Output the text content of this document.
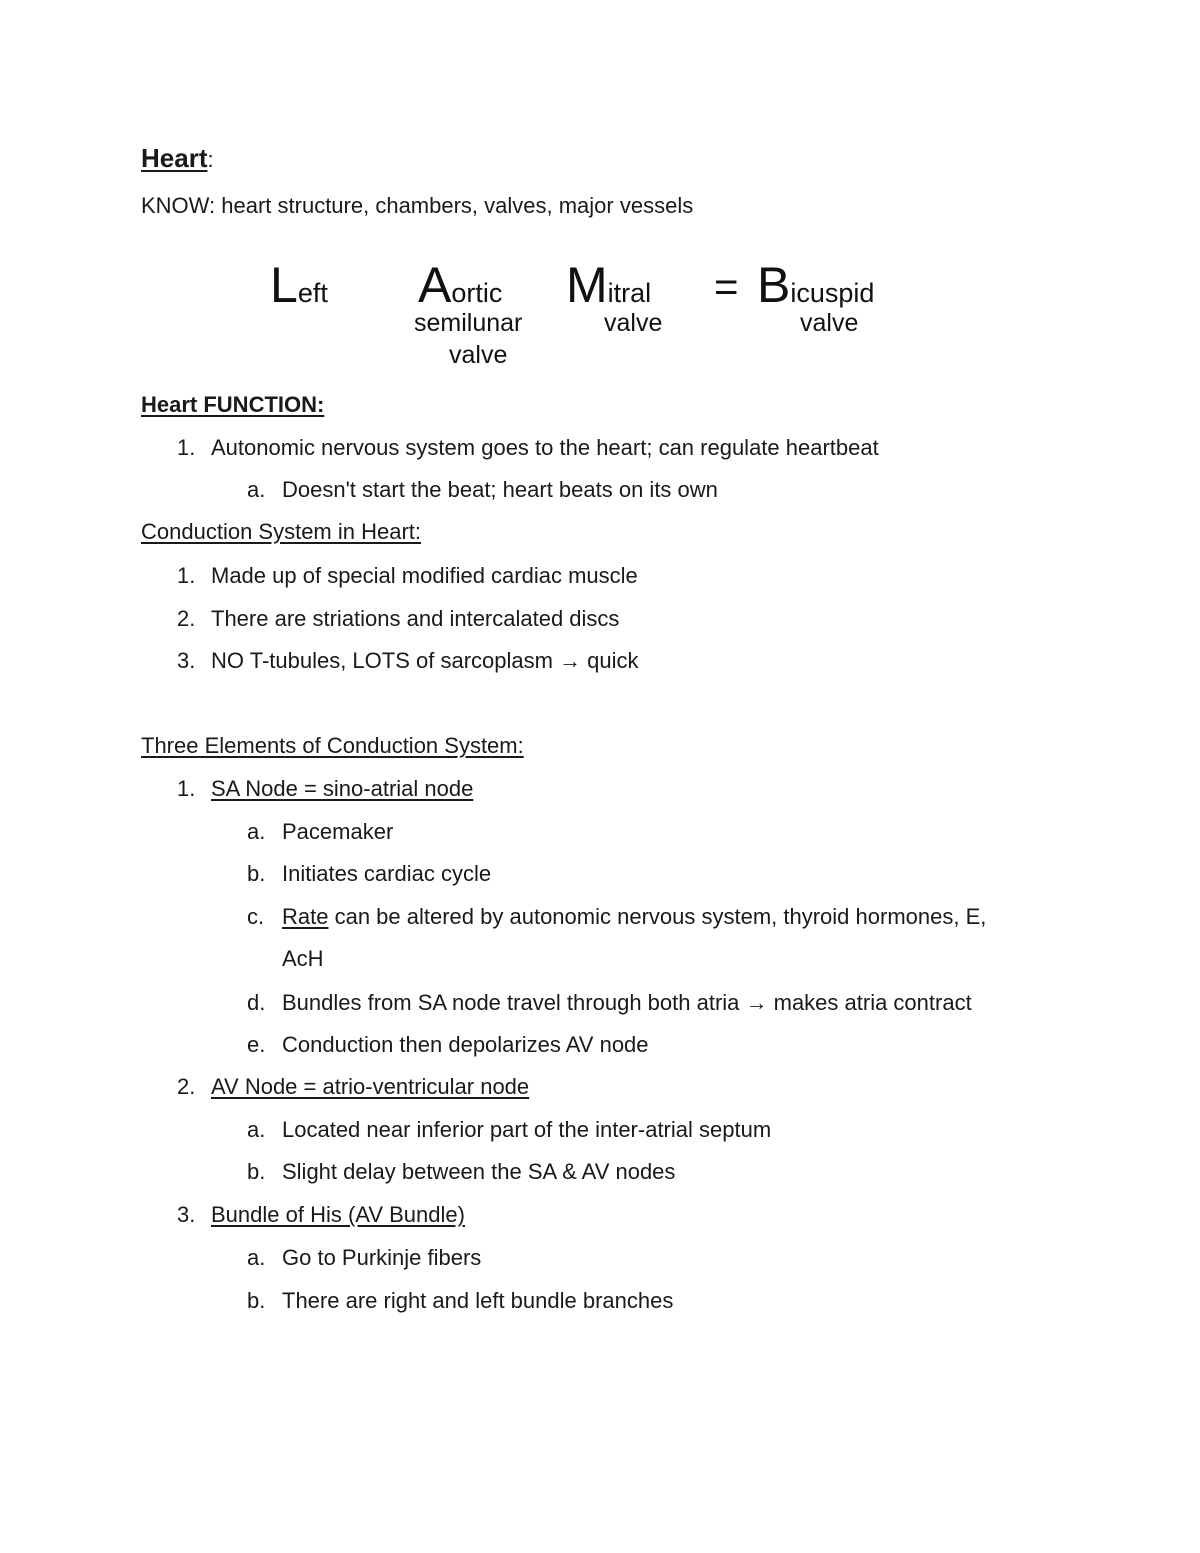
Heart:
KNOW: heart structure, chambers, valves, major vessels
Left Aortic
semilunar
valve
Mitral
valve
= Bicuspid
valve
Heart FUNCTION:
1. Autonomic nervous system goes to the heart; can regulate heartbeat
a. Doesn't start the beat; heart beats on its own
Conduction System in Heart:
1. Made up of special modified cardiac muscle
2. There are striations and intercalated discs
3. NO T-tubules, LOTS of sarcoplasm → quick
Three Elements of Conduction System:
1. SA Node = sino-atrial node
a. Pacemaker
b. Initiates cardiac cycle
c. Rate can be altered by autonomic nervous system, thyroid hormones, E,
AcH
d. Bundles from SA node travel through both atria → makes atria contract
e. Conduction then depolarizes AV node
2. AV Node = atrio-ventricular node
a. Located near inferior part of the inter-atrial septum
b. Slight delay between the SA & AV nodes
3. Bundle of His (AV Bundle)
a. Go to Purkinje fibers
b. There are right and left bundle branches
